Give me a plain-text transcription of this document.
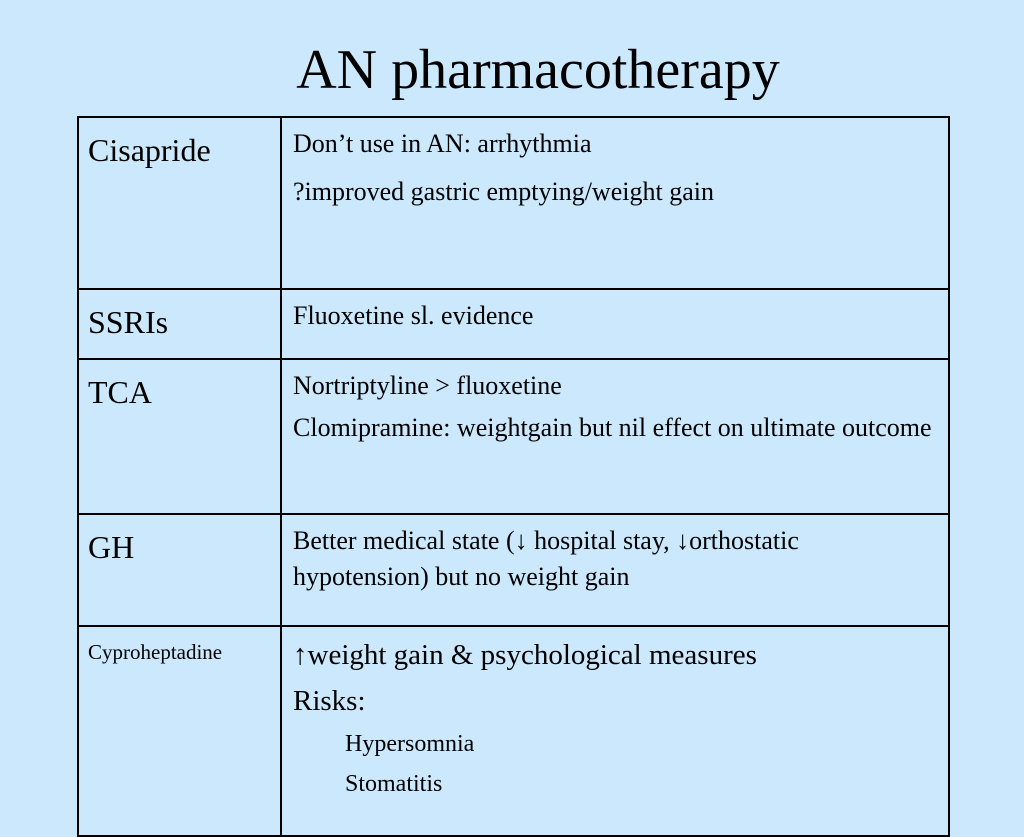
AN pharmacotherapy
Cisapride	Don’t use in AN: arrhythmia
?improved gastric emptying/weight gain

SSRIs	Fluoxetine sl. evidence

TCA	Nortriptyline > fluoxetine
Clomipramine: weightgain but nil effect on ultimate outcome

GH	Better medical state (↓ hospital stay, ↓orthostatic hypotension) but no weight gain

Cyproheptadine	↑weight gain & psychological measures
Risks:
Hypersomnia
Stomatitis
